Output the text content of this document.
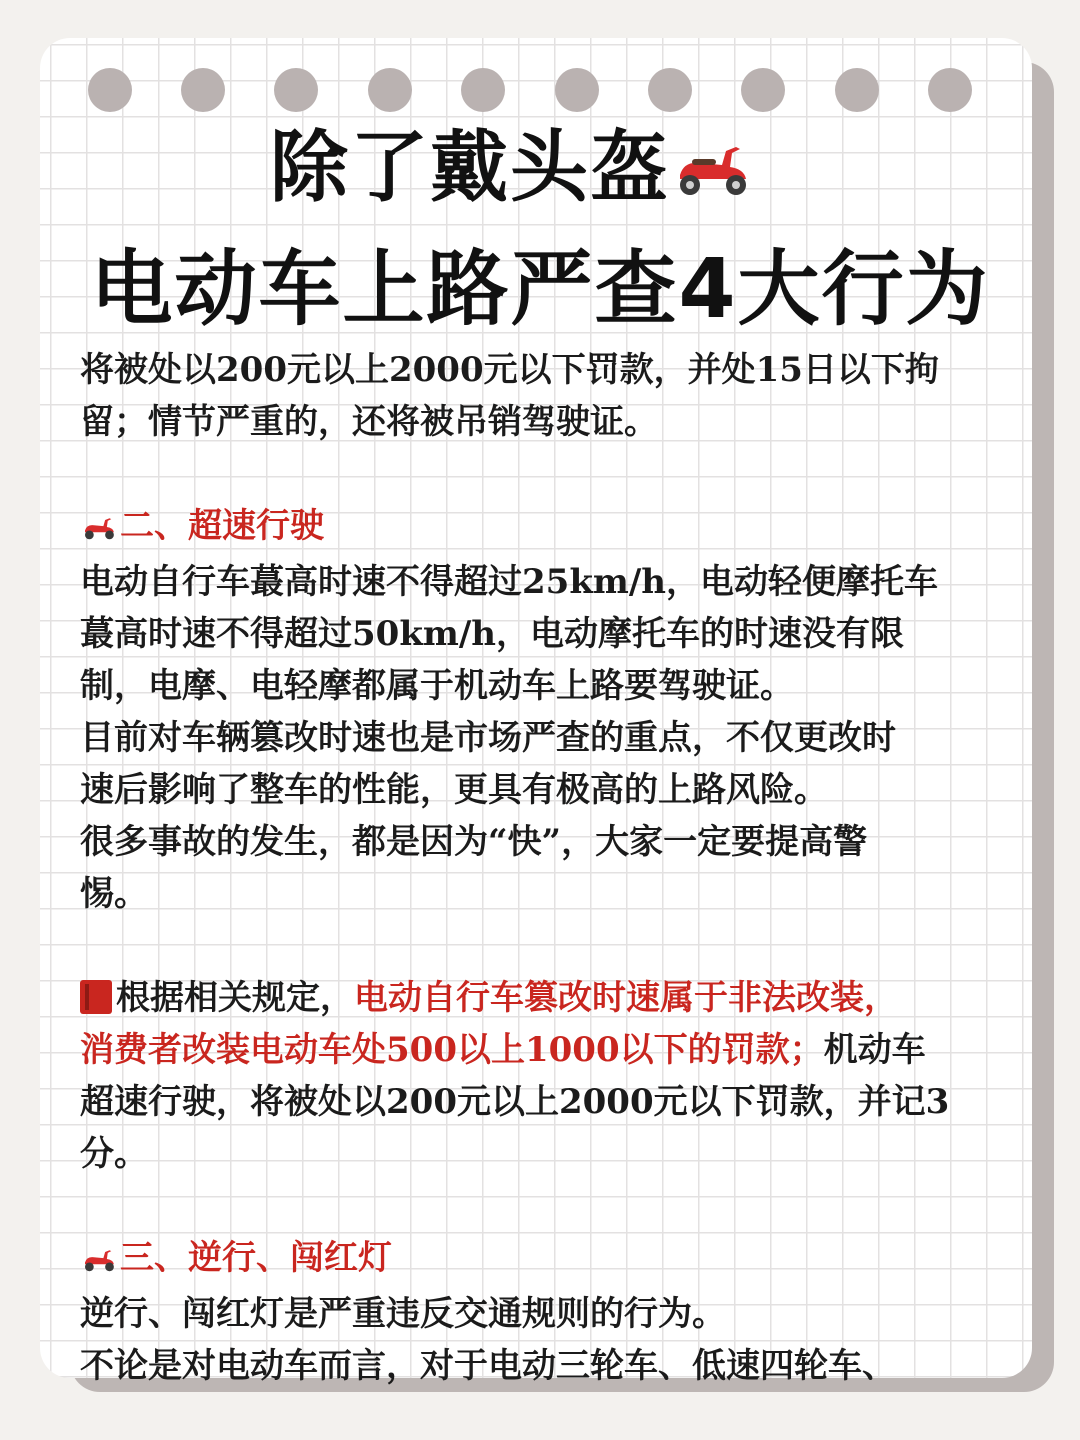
除了戴头盔
电动车上路严查4大行为
将被处以200元以上2000元以下罚款，并处15日以下拘
留；情节严重的，还将被吊销驾驶证。
二、超速行驶
电动自行车蕞高时速不得超过25km/h，电动轻便摩托车
蕞高时速不得超过50km/h，电动摩托车的时速没有限
制，电摩、电轻摩都属于机动车上路要驾驶证。
目前对车辆篡改时速也是市场严查的重点，不仅更改时
速后影响了整车的性能，更具有极高的上路风险。
很多事故的发生，都是因为“快”，大家一定要提高警
惕。
根据相关规定，电动自行车篡改时速属于非法改装，
消费者改装电动车处500以上1000以下的罚款；机动车
超速行驶，将被处以200元以上2000元以下罚款，并记3
分。
三、逆行、闯红灯
逆行、闯红灯是严重违反交通规则的行为。
不论是对电动车而言，对于电动三轮车、低速四轮车、
